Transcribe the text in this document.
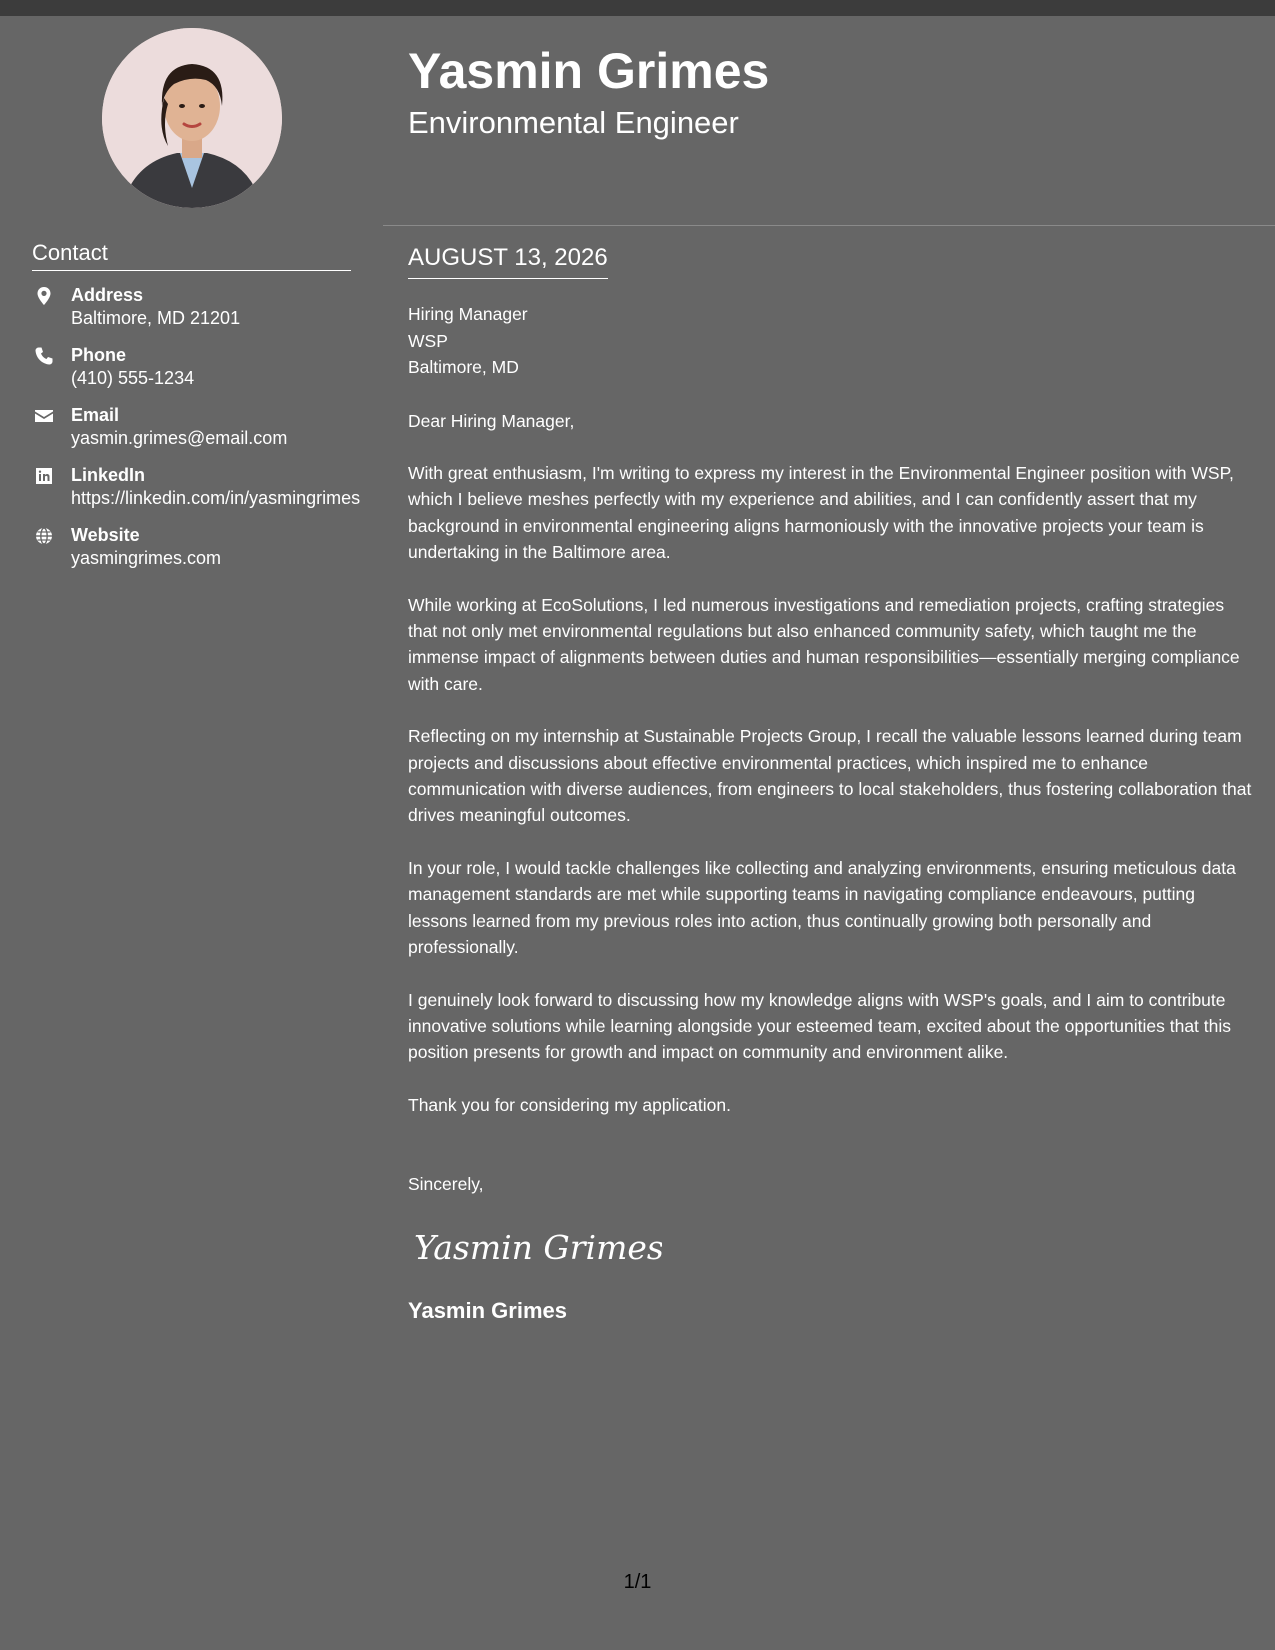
Contact
Address
Baltimore, MD 21201
Phone
(410) 555-1234
Email
yasmin.grimes@email.com
LinkedIn
https://linkedin.com/in/yasmingrimes
Website
yasmingrimes.com
Yasmin Grimes
Environmental Engineer
AUGUST 13, 2026
Hiring Manager
WSP
Baltimore, MD
Dear Hiring Manager,
With great enthusiasm, I'm writing to express my interest in the Environmental Engineer position with WSP, which I believe meshes perfectly with my experience and abilities, and I can confidently assert that my background in environmental engineering aligns harmoniously with the innovative projects your team is undertaking in the Baltimore area.
While working at EcoSolutions, I led numerous investigations and remediation projects, crafting strategies that not only met environmental regulations but also enhanced community safety, which taught me the immense impact of alignments between duties and human responsibilities—essentially merging compliance with care.
Reflecting on my internship at Sustainable Projects Group, I recall the valuable lessons learned during team projects and discussions about effective environmental practices, which inspired me to enhance communication with diverse audiences, from engineers to local stakeholders, thus fostering collaboration that drives meaningful outcomes.
In your role, I would tackle challenges like collecting and analyzing environments, ensuring meticulous data management standards are met while supporting teams in navigating compliance endeavours, putting lessons learned from my previous roles into action, thus continually growing both personally and professionally.
I genuinely look forward to discussing how my knowledge aligns with WSP's goals, and I aim to contribute innovative solutions while learning alongside your esteemed team, excited about the opportunities that this position presents for growth and impact on community and environment alike.
Thank you for considering my application.
Sincerely,
Yasmin Grimes
Yasmin Grimes
1/1
